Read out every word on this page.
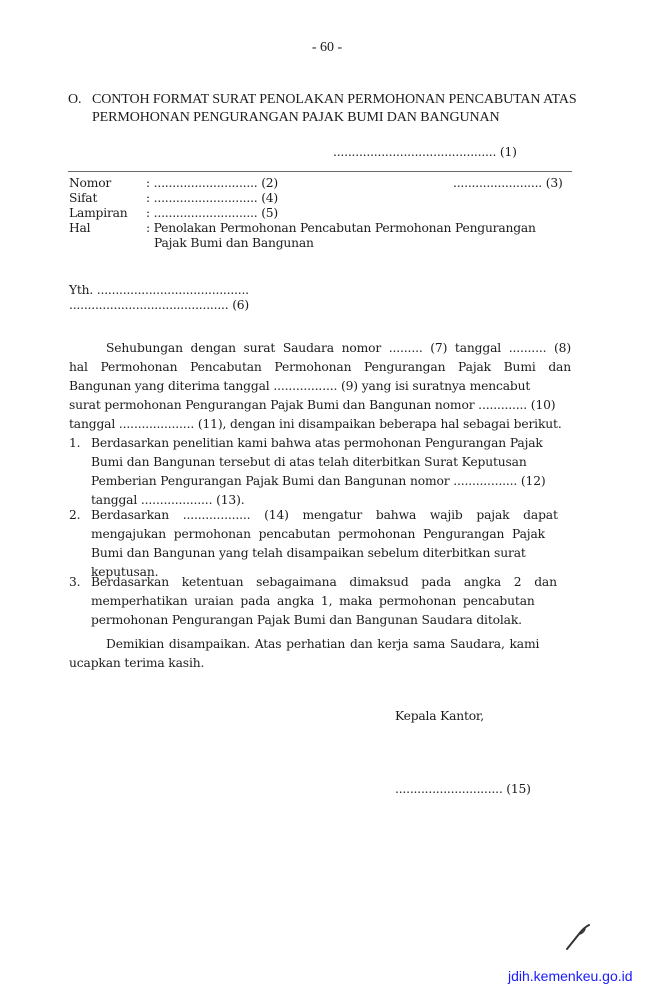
- 60 -
O. CONTOH FORMAT SURAT PENOLAKAN PERMOHONAN PENCABUTAN ATAS
PERMOHONAN PENGURANGAN PAJAK BUMI DAN BANGUNAN
............................................ (1)
Nomor	: ............................ (2)	........................ (3)
Sifat	: ............................ (4)
Lampiran : ............................ (5)
Hal	: Penolakan Permohonan Pencabutan Permohonan Pengurangan
Pajak Bumi dan Bangunan
Yth. .........................................
........................................... (6)
Sehubungan dengan surat Saudara nomor ......... (7) tanggal .......... (8)
hal Permohonan Pencabutan Permohonan Pengurangan Pajak Bumi dan
Bangunan yang diterima tanggal ................. (9) yang isi suratnya mencabut
surat permohonan Pengurangan Pajak Bumi dan Bangunan nomor ............. (10)
tanggal .................... (11), dengan ini disampaikan beberapa hal sebagai berikut.
1. Berdasarkan penelitian kami bahwa atas permohonan Pengurangan Pajak
Bumi dan Bangunan tersebut di atas telah diterbitkan Surat Keputusan
Pemberian Pengurangan Pajak Bumi dan Bangunan nomor ................. (12)
tanggal ................... (13).
2. Berdasarkan .................. (14) mengatur bahwa wajib pajak dapat
mengajukan permohonan pencabutan permohonan Pengurangan Pajak
Bumi dan Bangunan yang telah disampaikan sebelum diterbitkan surat
keputusan.
3. Berdasarkan ketentuan sebagaimana dimaksud pada angka 2 dan
memperhatikan uraian pada angka 1, maka permohonan pencabutan
permohonan Pengurangan Pajak Bumi dan Bangunan Saudara ditolak.
Demikian disampaikan. Atas perhatian dan kerja sama Saudara, kami
ucapkan terima kasih.
Kepala Kantor,
............................. (15)
jdih.kemenkeu.go.id
